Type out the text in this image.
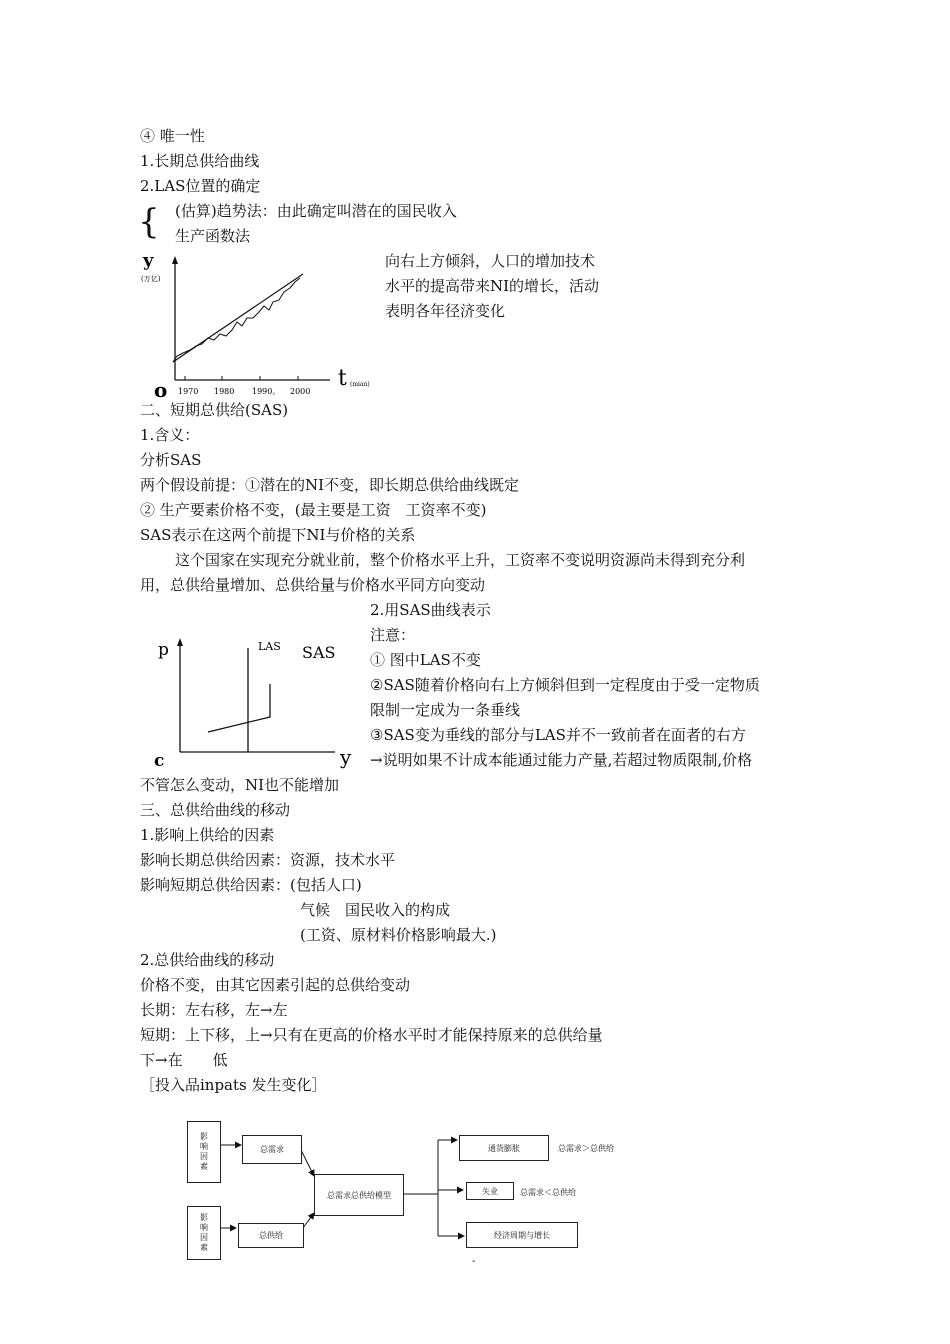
④ 唯一性
1.长期总供给曲线
2.LAS位置的确定
{ (估算)趋势法：由此确定叫潜在的国民收入
生产函数法
向右上方倾斜，人口的增加技术
水平的提高带来NI的增长，活动
表明各年径济变化
y
(万亿)
o	t (mian)
1970 1980 1990。 2000
二、短期总供给(SAS)
1.含义：
分析SAS
两个假设前提：①潜在的NI不变，即长期总供给曲线既定
② 生产要素价格不变，(最主要是工资　工资率不变)
SAS表示在这两个前提下NI与价格的关系
这个国家在实现充分就业前，整个价格水平上升，工资率不变说明资源尚未得到充分利
用，总供给量增加、总供给量与价格水平同方向变动
2.用SAS曲线表示
注意：
① 图中LAS不变
②SAS随着价格向右上方倾斜但到一定程度由于受一定物质
限制一定成为一条垂线
③SAS变为垂线的部分与LAS并不一致前者在面者的右方
→说明如果不计成本能通过能力产量,若超过物质限制,价格
p
c	y
LAS SAS
不管怎么变动，NI也不能增加
三、总供给曲线的移动
1.影响上供给的因素
影响长期总供给因素：资源，技术水平
影响短期总供给因素：(包括人口)
气候　国民收入的构成
(工资、原材料价格影响最大.)
2.总供给曲线的移动
价格不变，由其它因素引起的总供给变动
长期：左右移，左→左
短期：上下移，上→只有在更高的价格水平时才能保持原来的总供给量
下→在　　低
［投入品inpats 发生变化］
影响因素
影响因素
总需求
总供给
总需求总供给模型
通货膨胀
失业
经济周期与增长
总需求＞总供给
总需求＜总供给
-
